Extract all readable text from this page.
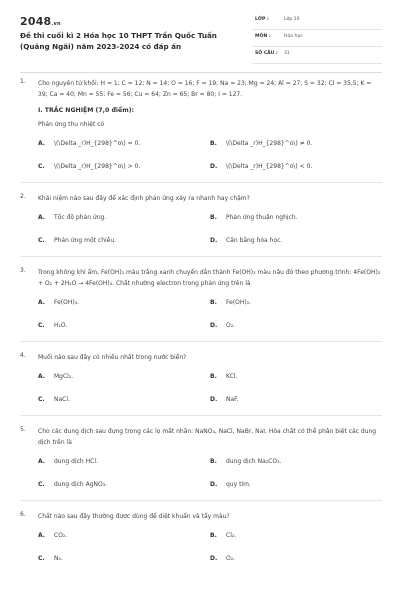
2048.vn
Đề thi cuối kì 2 Hóa học 10 THPT Trần Quốc Tuấn (Quảng Ngãi) năm 2023-2024 có đáp án
LỚP :	Lớp 10
MÔN :	Hóa học
SỐ CÂU : 31
1.	Cho nguyên tử khối: H = 1; C = 12; N = 14; O = 16; F = 19; Na = 23; Mg = 24; Al = 27; S = 32; Cl = 35,5; K = 39; Ca = 40; Mn = 55; Fe = 56; Cu = 64; Zn = 65; Br = 80; I = 127.
I. TRẮC NGHIỆM (7,0 điểm):
Phản ứng thu nhiệt có
A. \(\Delta _r)H_{298}^o\) = 0.	B. \(\Delta _r)H_{298}^o\) ≠ 0.
C. \(\Delta _r)H_{298}^o\) > 0.	D. \(\Delta _r)H_{298}^o\) < 0.
2.	Khái niệm nào sau đây để xác định phản ứng xảy ra nhanh hay chậm?
A. Tốc độ phản ứng.	B. Phản ứng thuận nghịch.
C. Phản ứng một chiều.	D. Cân bằng hóa học.
3.	Trong không khí ẩm, Fe(OH)₂ màu trắng xanh chuyển dần thành Fe(OH)₃ màu nâu đỏ theo phương trình: 4Fe(OH)₂ + O₂ + 2H₂O → 4Fe(OH)₃. Chất nhường electron trong phản ứng trên là
A. Fe(OH)₃.	B. Fe(OH)₂.
C. H₂O.	D. O₂.
4.	Muối nào sau đây có nhiều nhất trong nước biển?
A. MgCl₂.	B. KCl.
C. NaCl.	D. NaF.
5.	Cho các dung dịch sau đựng trong các lọ mất nhãn: NaNO₃, NaCl, NaBr, NaI. Hóa chất có thể phân biệt các dung dịch trên là
A. dung dịch HCl.	B. dung dịch Na₂CO₃.
C. dung dịch AgNO₃.	D. quỳ tím.
6.	Chất nào sau đây thường được dùng để diệt khuẩn và tẩy màu?
A. CO₂.	B. Cl₂.
C. N₂.	D. O₂.
